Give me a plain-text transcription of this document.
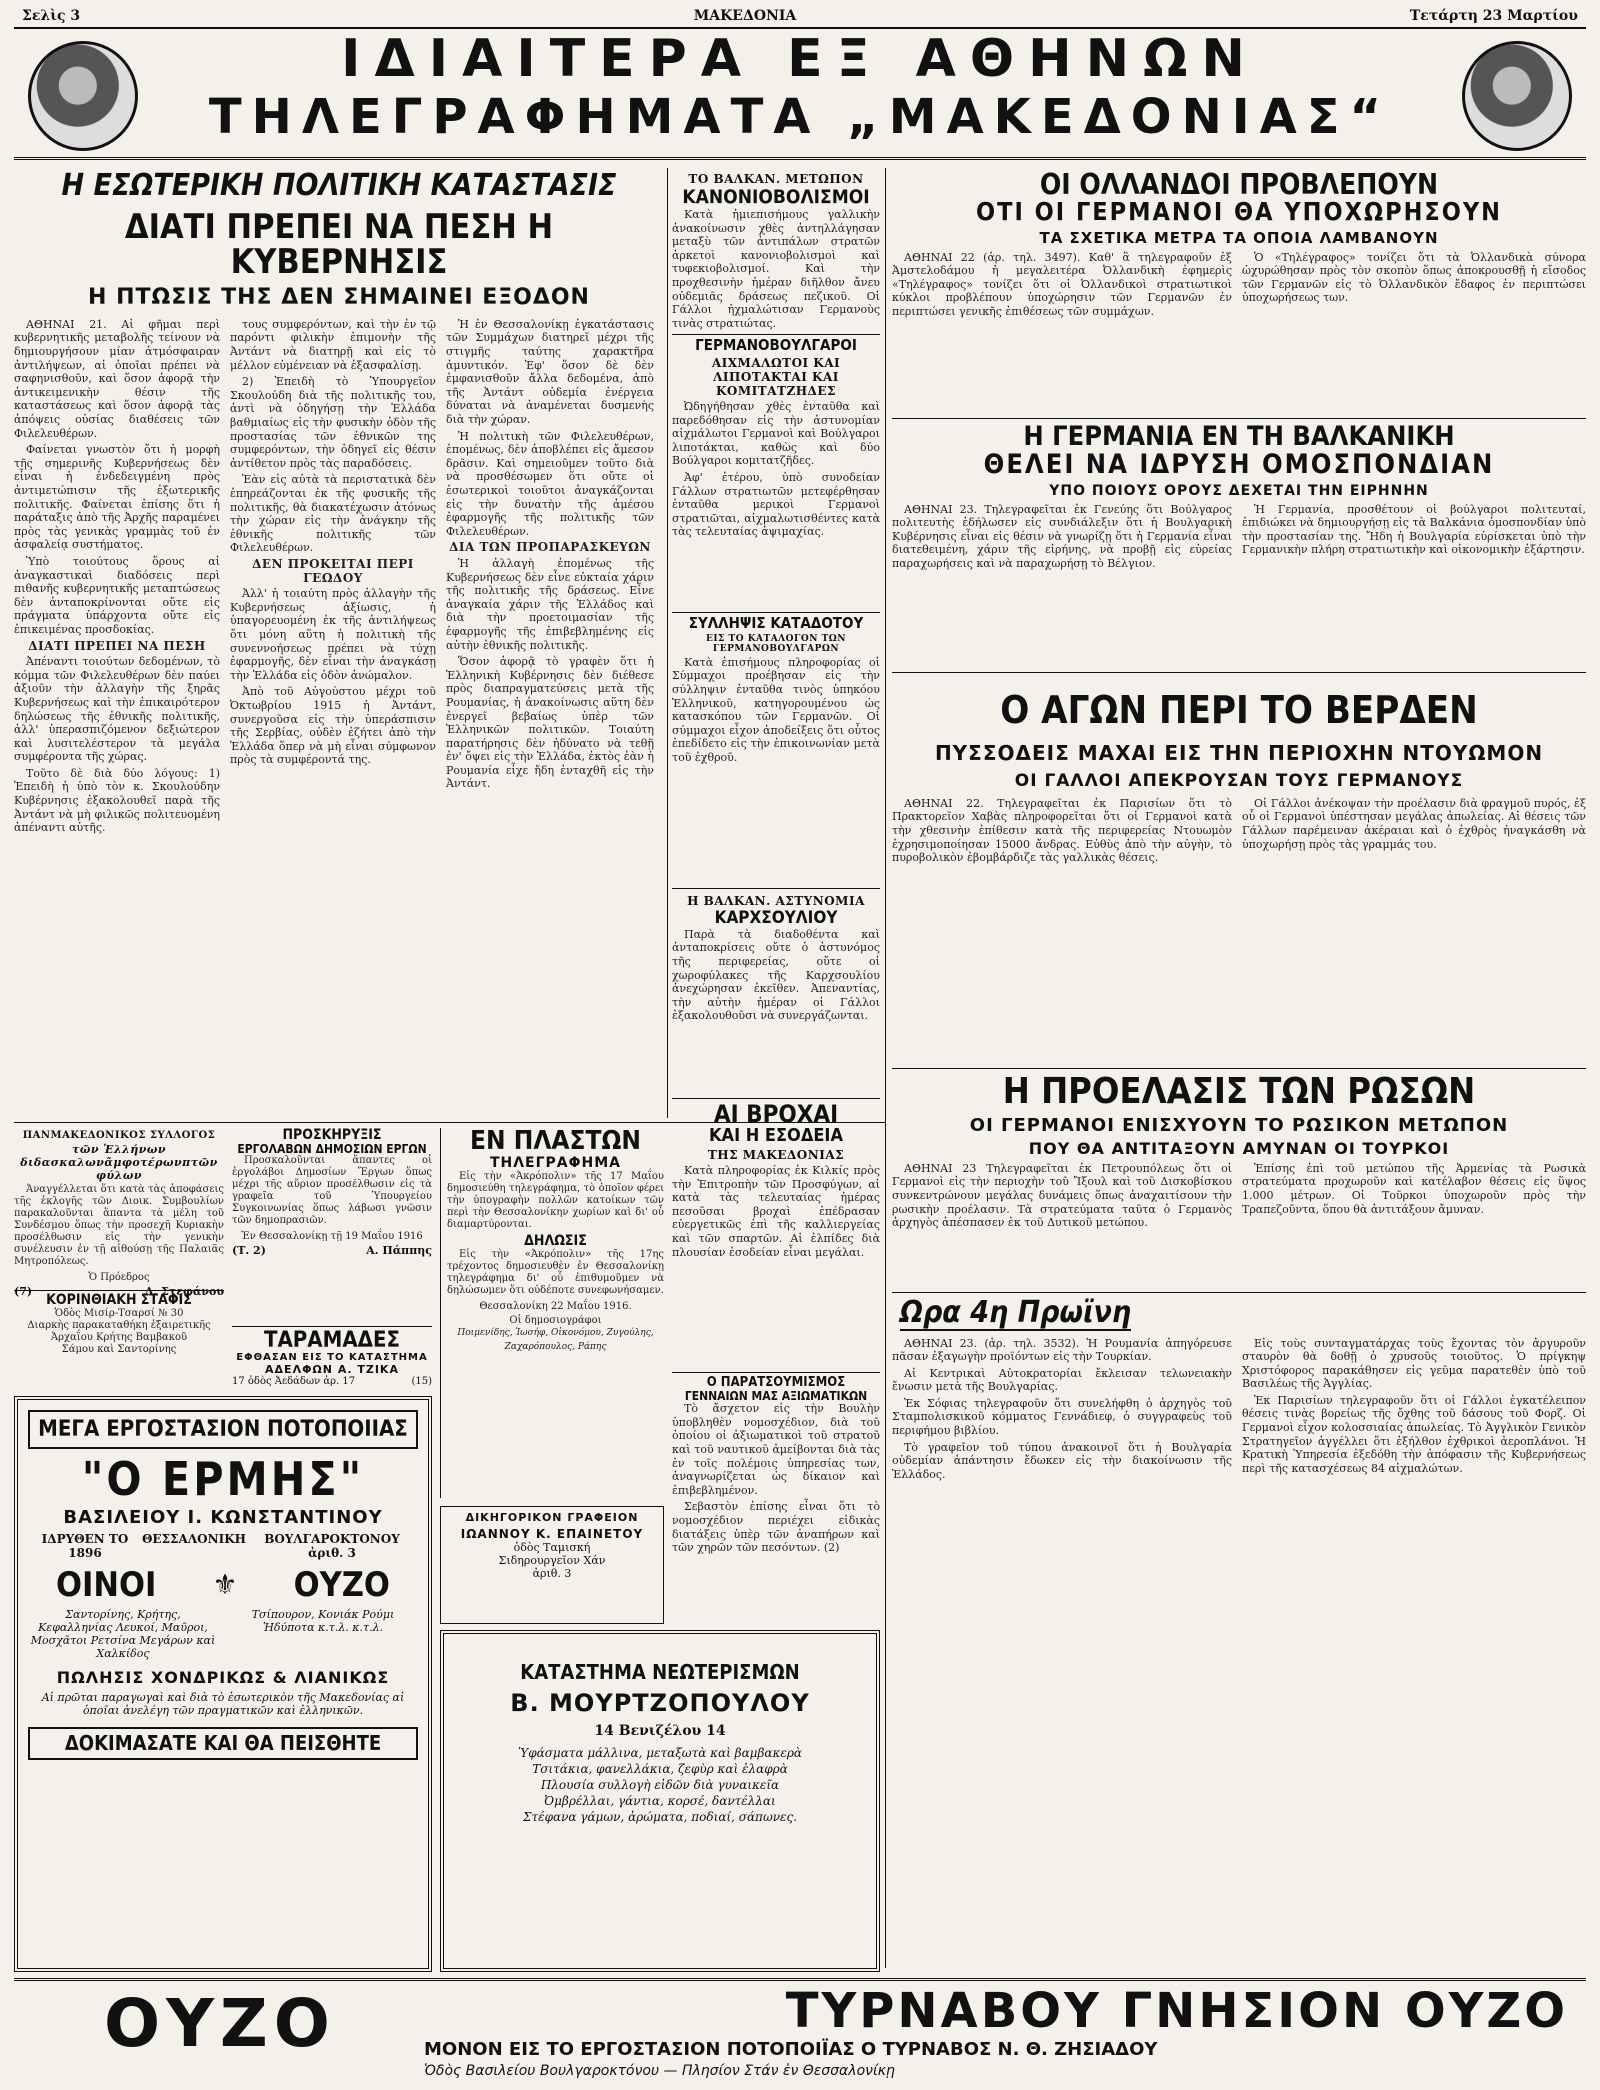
Σελὶς 3	ΜΑΚΕΔΟΝΙΑ	Τετάρτη 23 Μαρτίου
ΙΔΙΑΙΤΕΡΑ ΕΞ ΑΘΗΝΩΝ
ΤΗΛΕΓΡΑΦΗΜΑΤΑ „ΜΑΚΕΔΟΝΙΑΣ“
Η ΕΣΩΤΕΡΙΚΗ ΠΟΛΙΤΙΚΗ ΚΑΤΑΣΤΑΣΙΣ
ΔΙΑΤΙ ΠΡΕΠΕΙ ΝΑ ΠΕΣΗ Η ΚΥΒΕΡΝΗΣΙΣ
Η ΠΤΩΣΙΣ ΤΗΣ ΔΕΝ ΣΗΜΑΙΝΕΙ ΕΞΟΔΟΝ

ΑΘΗΝΑΙ 21. Αἱ φῆμαι περὶ κυβερνητικῆς μεταβολῆς τείνουν νὰ δημιουργήσουν μίαν ἀτμόσφαιραν ἀντιλήψεων, αἱ ὁποῖαι πρέπει νὰ σαφηνισθοῦν, καὶ ὅσον ἀφορᾷ τὴν ἀντικειμενικὴν θέσιν τῆς καταστάσεως καὶ ὅσον ἀφορᾷ τὰς ἀπόψεις οὐσίας διαθέσεις τῶν Φιλελευθέρων.

Φαίνεται γνωστὸν ὅτι ἡ μορφὴ τῆς σημερινῆς Κυβερνήσεως δὲν εἶναι ἡ ἐνδεδειγμένη πρὸς ἀντιμετώπισιν τῆς ἐξωτερικῆς πολιτικῆς. Φαίνεται ἐπίσης ὅτι ἡ παράταξις ἀπὸ τῆς Ἀρχῆς παραμένει πρὸς τὰς γενικὰς γραμμὰς τοῦ ἐν ἀσφαλείᾳ συστήματος.

Ὑπὸ τοιούτους ὅρους αἱ ἀναγκαστικαὶ διαδόσεις περὶ πιθανῆς κυβερνητικῆς μεταπτώσεως δὲν ἀνταποκρίνονται οὔτε εἰς πράγματα ὑπάρχοντα οὔτε εἰς ἐπικειμένας προσδοκίας.

ΔΙΑΤΙ ΠΡΕΠΕΙ ΝΑ ΠΕΣΗ

Ἀπέναντι τοιούτων δεδομένων, τὸ κόμμα τῶν Φιλελευθέρων δὲν παύει ἀξιοῦν τὴν ἀλλαγὴν τῆς ξηρᾶς Κυβερνήσεως καὶ τὴν ἐπικαιρότερον δηλώσεως τῆς ἐθνικῆς πολιτικῆς, ἀλλ' ὑπερασπιζόμενον δεξιώτερον καὶ λυσιτελέστερον τὰ μεγάλα συμφέροντα τῆς χώρας.

Τοῦτο δὲ διὰ δύο λόγους: 1) Ἐπειδὴ ἡ ὑπὸ τὸν κ. Σκουλούδην Κυβέρνησις ἐξακολουθεῖ παρὰ τῆς Ἀντάντ νὰ μὴ φιλικῶς πολιτευομένη ἀπέναντι αὐτῆς.

τους συμφερόντων, καὶ τὴν ἐν τῷ παρόντι φιλικὴν ἐπιμονὴν τῆς Ἀντάντ νὰ διατηρῇ καὶ εἰς τὸ μέλλον εὐμένειαν νὰ ἐξασφαλίσῃ.

2) Ἐπειδὴ τὸ Ὑπουργεῖον Σκουλούδη διὰ τῆς πολιτικῆς του, ἀντὶ νὰ ὁδηγήσῃ τὴν Ἑλλάδα βαθμιαίως εἰς τὴν φυσικὴν ὁδὸν τῆς προστασίας τῶν ἐθνικῶν της συμφερόντων, τὴν ὁδηγεῖ εἰς θέσιν ἀντίθετον πρὸς τὰς παραδόσεις.

Ἐὰν εἰς αὐτὰ τὰ περιστατικὰ δὲν ἐπηρεάζονται ἐκ τῆς φυσικῆς τῆς πολιτικῆς, θὰ διακατέχωσιν ἀτόνως τὴν χώραν εἰς τὴν ἀνάγκην τῆς ἐθνικῆς πολιτικῆς τῶν Φιλελευθέρων.

ΔΕΝ ΠΡΟΚΕΙΤΑΙ ΠΕΡΙ ΓΕΩΔΟΥ

Ἀλλ' ἡ τοιαύτη πρὸς ἀλλαγὴν τῆς Κυβερνήσεως ἀξίωσις, ἡ ὑπαγορευομένη ἐκ τῆς ἀντιλήψεως ὅτι μόνη αὕτη ἡ πολιτικὴ τῆς συνεννοήσεως πρέπει νὰ τύχῃ ἐφαρμογῆς, δὲν εἶναι τὴν ἀναγκάσῃ τὴν Ἑλλάδα εἰς ὁδὸν ἀνώμαλον.

Ἀπὸ τοῦ Αὐγούστου μέχρι τοῦ Ὀκτωβρίου 1915 ἡ Ἀντάντ, συνεργοῦσα εἰς τὴν ὑπεράσπισιν τῆς Σερβίας, οὐδὲν ἐζήτει ἀπὸ τὴν Ἑλλάδα ὅπερ νὰ μὴ εἶναι σύμφωνον πρὸς τὰ συμφέροντά της.

Ἡ ἐν Θεσσαλονίκῃ ἐγκατάστασις τῶν Συμμάχων διατηρεῖ μέχρι τῆς στιγμῆς ταύτης χαρακτῆρα ἀμυντικόν. Ἐφ' ὅσον δὲ δὲν ἐμφανισθοῦν ἄλλα δεδομένα, ἀπὸ τῆς Ἀντάντ οὐδεμία ἐνέργεια δύναται νὰ ἀναμένεται δυσμενὴς διὰ τὴν χώραν.

Ἡ πολιτικὴ τῶν Φιλελευθέρων, ἐπομένως, δὲν ἀποβλέπει εἰς ἄμεσον δρᾶσιν. Καὶ σημειοῦμεν τοῦτο διὰ νὰ προσθέσωμεν ὅτι οὔτε οἱ ἐσωτερικοὶ τοιοῦτοι ἀναγκάζονται εἰς τὴν δυνατὴν τῆς ἀμέσου ἐφαρμογῆς τῆς πολιτικῆς τῶν Φιλελευθέρων.

ΔΙΑ ΤΩΝ ΠΡΟΠΑΡΑΣΚΕΥΩΝ

Ἡ ἀλλαγὴ ἑπομένως τῆς Κυβερνήσεως δὲν εἶνε εὐκταία χάριν τῆς πολιτικῆς τῆς δράσεως. Εἶνε ἀναγκαία χάριν τῆς Ἑλλάδος καὶ διὰ τὴν προετοιμασίαν τῆς ἐφαρμογῆς τῆς ἐπιβεβλημένης εἰς αὐτὴν ἐθνικῆς πολιτικῆς.

Ὅσον ἀφορᾷ τὸ γραφὲν ὅτι ἡ Ἑλληνικὴ Κυβέρνησις δὲν διέθεσε πρὸς διαπραγματεύσεις μετὰ τῆς Ρουμανίας, ἡ ἀνακοίνωσις αὕτη δὲν ἐνεργεῖ βεβαίως ὑπὲρ τῶν Ἑλληνικῶν πολιτικῶν. Τοιαύτη παρατήρησις δὲν ἠδύνατο νὰ τεθῇ ἐν' ὄψει εἰς τὴν Ἑλλάδα, ἐκτὸς ἐὰν ἡ Ρουμανία εἶχε ἤδη ἐνταχθῆ εἰς τὴν Ἀντάντ.

ΤΟ ΒΑΛΚΑΝ. ΜΕΤΩΠΟΝ
ΚΑΝΟΝΙΟΒΟΛΙΣΜΟΙ

Κατὰ ἡμιεπισήμους γαλλικὴν ἀνακοίνωσιν χθὲς ἀντηλλάγησαν μεταξὺ τῶν ἀντιπάλων στρατῶν ἀρκετοὶ κανονιοβολισμοὶ καὶ τυφεκιοβολισμοί. Καὶ τὴν προχθεσινὴν ἡμέραν διῆλθον ἄνευ οὐδεμιᾶς δράσεως πεζικοῦ. Οἱ Γάλλοι ἠχμαλώτισαν Γερμανοὺς τινὰς στρατιώτας.

ΓΕΡΜΑΝΟΒΟΥΛΓΑΡΟΙ
ΑΙΧΜΑΛΩΤΟΙ ΚΑΙ ΛΙΠΟΤΑΚΤΑΙ ΚΑΙ ΚΟΜΙΤΑΤΖΗΔΕΣ

Ὠδηγήθησαν χθὲς ἐνταῦθα καὶ παρεδόθησαν εἰς τὴν ἀστυνομίαν αἰχμάλωτοι Γερμανοὶ καὶ Βούλγαροι λιποτάκται, καθὼς καὶ δύο Βούλγαροι κομιτατζῆδες.

Ἀφ' ἑτέρου, ὑπὸ συνοδείαν Γάλλων στρατιωτῶν μετεφέρθησαν ἐνταῦθα μερικοὶ Γερμανοὶ στρατιῶται, αἰχμαλωτισθέντες κατὰ τὰς τελευταίας ἀψιμαχίας.

ΣΥΛΛΗΨΙΣ ΚΑΤΑΔΟΤΟΥ
ΕΙΣ ΤΟ ΚΑΤΑΛΟΓΟΝ ΤΩΝ ΓΕΡΜΑΝΟΒΟΥΛΓΑΡΩΝ

Κατὰ ἐπισήμους πληροφορίας οἱ Σύμμαχοι προέβησαν εἰς τὴν σύλληψιν ἐνταῦθα τινὸς ὑπηκόου Ἑλληνικοῦ, κατηγορουμένου ὡς κατασκόπου τῶν Γερμανῶν. Οἱ σύμμαχοι εἶχον ἀποδείξεις ὅτι οὗτος ἐπεδίδετο εἰς τὴν ἐπικοινωνίαν μετὰ τοῦ ἐχθροῦ.

Η ΒΑΛΚΑΝ. ΑΣΤΥΝΟΜΙΑ
ΚΑΡΧΣΟΥΛΙΟΥ

Παρὰ τὰ διαδοθέντα καὶ ἀνταποκρίσεις οὔτε ὁ ἀστυνόμος τῆς περιφερείας, οὔτε οἱ χωροφύλακες τῆς Καρχσουλίου ἀνεχώρησαν ἐκεῖθεν. Ἀπεναντίας, τὴν αὐτὴν ἡμέραν οἱ Γάλλοι ἐξακολουθοῦσι νὰ συνεργάζωνται.

ΑΙ ΒΡΟΧΑΙ
ΚΑΙ Η ΕΣΟΔΕΙΑ
ΤΗΣ ΜΑΚΕΔΟΝΙΑΣ

Κατὰ πληροφορίας ἐκ Κιλκίς πρὸς τὴν Ἐπιτροπὴν τῶν Προσφύγων, αἱ κατὰ τὰς τελευταίας ἡμέρας πεσοῦσαι βροχαὶ ἐπέδρασαν εὐεργετικῶς ἐπὶ τῆς καλλιεργείας καὶ τῶν σπαρτῶν. Αἱ ἐλπίδες διὰ πλουσίαν ἐσοδείαν εἶναι μεγάλαι.

Ο ΠΑΡΑΤΣΟΥΜΙΣΜΟΣ
ΓΕΝΝΑΙΩΝ ΜΑΣ ΑΞΙΩΜΑΤΙΚΩΝ

Τὸ ἄσχετον εἰς τὴν Βουλὴν ὑποβληθὲν νομοσχέδιον, διὰ τοῦ ὁποίου οἱ ἀξιωματικοὶ τοῦ στρατοῦ καὶ τοῦ ναυτικοῦ ἀμείβονται διὰ τὰς ἐν τοῖς πολέμοις ὑπηρεσίας των, ἀναγνωρίζεται ὡς δίκαιον καὶ ἐπιβεβλημένον.

Σεβαστὸν ἐπίσης εἶναι ὅτι τὸ νομοσχέδιον περιέχει εἰδικὰς διατάξεις ὑπὲρ τῶν ἀναπήρων καὶ τῶν χηρῶν τῶν πεσόντων. (2)

ΟΙ ΟΛΛΑΝΔΟΙ ΠΡΟΒΛΕΠΟΥΝ
ΟΤΙ ΟΙ ΓΕΡΜΑΝΟΙ ΘΑ ΥΠΟΧΩΡΗΣΟΥΝ
ΤΑ ΣΧΕΤΙΚΑ ΜΕΤΡΑ ΤΑ ΟΠΟΙΑ ΛΑΜΒΑΝΟΥΝ

ΑΘΗΝΑΙ 22 (ἀρ. τηλ. 3497). Καθ' ἃ τηλεγραφοῦν ἐξ Ἀμστελοδάμου ἡ μεγαλειτέρα Ὀλλανδικὴ ἐφημερὶς «Τηλέγραφος» τονίζει ὅτι οἱ Ὀλλανδικοὶ στρατιωτικοὶ κύκλοι προβλέπουν ὑποχώρησιν τῶν Γερμανῶν ἐν περιπτώσει γενικῆς ἐπιθέσεως τῶν συμμάχων.

Ὁ «Τηλέγραφος» τονίζει ὅτι τὰ Ὀλλανδικὰ σύνορα ὠχυρώθησαν πρὸς τὸν σκοπὸν ὅπως ἀποκρουσθῇ ἡ εἴσοδος τῶν Γερμανῶν εἰς τὸ Ὀλλανδικὸν ἔδαφος ἐν περιπτώσει ὑποχωρήσεως των.

Η ΓΕΡΜΑΝΙΑ ΕΝ ΤΗ ΒΑΛΚΑΝΙΚΗ
ΘΕΛΕΙ ΝΑ ΙΔΡΥΣΗ ΟΜΟΣΠΟΝΔΙΑΝ
ΥΠΟ ΠΟΙΟΥΣ ΟΡΟΥΣ ΔΕΧΕΤΑΙ ΤΗΝ ΕΙΡΗΝΗΝ

ΑΘΗΝΑΙ 23. Τηλεγραφεῖται ἐκ Γενεύης ὅτι Βούλγαρος πολιτευτὴς ἐδήλωσεν εἰς συνδιάλεξιν ὅτι ἡ Βουλγαρικὴ Κυβέρνησις εἶναι εἰς θέσιν νὰ γνωρίζῃ ὅτι ἡ Γερμανία εἶναι διατεθειμένη, χάριν τῆς εἰρήνης, νὰ προβῇ εἰς εὐρείας παραχωρήσεις καὶ νὰ παραχωρήσῃ τὸ Βέλγιον.

Ἡ Γερμανία, προσθέτουν οἱ βούλγαροι πολιτευταί, ἐπιδιώκει νὰ δημιουργήσῃ εἰς τὰ Βαλκάνια ὁμοσπονδίαν ὑπὸ τὴν προστασίαν της. Ἤδη ἡ Βουλγαρία εὑρίσκεται ὑπὸ τὴν Γερμανικὴν πλήρη στρατιωτικὴν καὶ οἰκονομικὴν ἐξάρτησιν.

Ο ΑΓΩΝ ΠΕΡΙ ΤΟ ΒΕΡΔΕΝ
ΠΥΣΣΟΔΕΙΣ ΜΑΧΑΙ ΕΙΣ ΤΗΝ ΠΕΡΙΟΧΗΝ ΝΤΟΥΩΜΟΝ
ΟΙ ΓΑΛΛΟΙ ΑΠΕΚΡΟΥΣΑΝ ΤΟΥΣ ΓΕΡΜΑΝΟΥΣ

ΑΘΗΝΑΙ 22. Τηλεγραφεῖται ἐκ Παρισίων ὅτι τὸ Πρακτορεῖον Χαβὰς πληροφορεῖται ὅτι οἱ Γερμανοὶ κατὰ τὴν χθεσινὴν ἐπίθεσιν κατὰ τῆς περιφερείας Ντουωμὸν ἐχρησιμοποίησαν 15000 ἄνδρας. Εὐθὺς ἀπὸ τὴν αὐγὴν, τὸ πυροβολικὸν ἐβομβάρδιζε τὰς γαλλικὰς θέσεις.

Οἱ Γάλλοι ἀνέκοψαν τὴν προέλασιν διὰ φραγμοῦ πυρός, ἐξ οὗ οἱ Γερμανοὶ ὑπέστησαν μεγάλας ἀπωλείας. Αἱ θέσεις τῶν Γάλλων παρέμειναν ἀκέραιαι καὶ ὁ ἐχθρὸς ἠναγκάσθη νὰ ὑποχωρήσῃ πρὸς τὰς γραμμάς του.

Η ΠΡΟΕΛΑΣΙΣ ΤΩΝ ΡΩΣΩΝ
ΟΙ ΓΕΡΜΑΝΟΙ ΕΝΙΣΧΥΟΥΝ ΤΟ ΡΩΣΙΚΟΝ ΜΕΤΩΠΟΝ
ΠΟΥ ΘΑ ΑΝΤΙΤΑΞΟΥΝ ΑΜΥΝΑΝ ΟΙ ΤΟΥΡΚΟΙ

ΑΘΗΝΑΙ 23 Τηλεγραφεῖται ἐκ Πετρουπόλεως ὅτι οἱ Γερμανοὶ εἰς τὴν περιοχὴν τοῦ Ἴξουλ καὶ τοῦ Δισκοβίσκου συνκεντρώνουν μεγάλας δυνάμεις ὅπως ἀναχαιτίσουν τὴν ρωσικὴν προέλασιν. Τὰ στρατεύματα ταῦτα ὁ Γερμανὸς ἀρχηγὸς ἀπέσπασεν ἐκ τοῦ Δυτικοῦ μετώπου.

Ἐπίσης ἐπὶ τοῦ μετώπου τῆς Ἀρμενίας τὰ Ρωσικὰ στρατεύματα προχωροῦν καὶ κατέλαβον θέσεις εἰς ὕψος 1.000 μέτρων. Οἱ Τοῦρκοι ὑποχωροῦν πρὸς τὴν Τραπεζοῦντα, ὅπου θὰ ἀντιτάξουν ἄμυναν.

Ωρα 4η Πρωϊνη

ΑΘΗΝΑΙ 23. (ἀρ. τηλ. 3532). Ἡ Ρουμανία ἀπηγόρευσε πᾶσαν ἐξαγωγὴν προϊόντων εἰς τὴν Τουρκίαν.

Αἱ Κεντρικαὶ Αὐτοκρατορίαι ἔκλεισαν τελωνειακὴν ἔνωσιν μετὰ τῆς Βουλγαρίας.

Ἐκ Σόφιας τηλεγραφοῦν ὅτι συνελήφθη ὁ ἀρχηγὸς τοῦ Σταμπολισκικοῦ κόμματος Γεννάδιεφ, ὁ συγγραφεὺς τοῦ περιφήμου βιβλίου.

Τὸ γραφεῖον τοῦ τύπου ἀνακοινοῖ ὅτι ἡ Βουλγαρία οὐδεμίαν ἀπάντησιν ἔδωκεν εἰς τὴν διακοίνωσιν τῆς Ἑλλάδος.

Εἰς τοὺς συνταγματάρχας τοὺς ἔχοντας τὸν ἀργυροῦν σταυρὸν θὰ δοθῇ ὁ χρυσοῦς τοιοῦτος. Ὁ πρίγκηψ Χριστόφορος παρακάθησεν εἰς γεῦμα παρατεθὲν ὑπὸ τοῦ Βασιλέως τῆς Ἀγγλίας.

Ἐκ Παρισίων τηλεγραφοῦν ὅτι οἱ Γάλλοι ἐγκατέλειπον θέσεις τινὰς βορείως τῆς ὄχθης τοῦ δάσους τοῦ Φορζ. Οἱ Γερμανοὶ εἶχον κολοσσιαίας ἀπωλείας. Τὸ Ἀγγλικὸν Γενικὸν Στρατηγεῖον ἀγγέλλει ὅτι ἐξήλθον ἐχθρικοὶ ἀεροπλάνοι. Ἡ Κρατικὴ Ὑπηρεσία ἐξεδόθη τὴν ἀπόφασιν τῆς Κυβερνήσεως περὶ τῆς κατασχέσεως 84 αἰχμαλώτων.

ΠΑΝΜΑΚΕΔΟΝΙΚΟΣ ΣΥΛΛΟΓΟΣ
τῶν Ἑλλήνων διδασκαλωνᾶμφοτέρωνπτῶν φύλων

Ἀναγγέλλεται ὅτι κατὰ τὰς ἀποφάσεις τῆς ἐκλογῆς τῶν Διοικ. Συμβουλίων παρακαλοῦνται ἅπαντα τὰ μέλη τοῦ Συνδέσμου ὅπως τὴν προσεχῆ Κυριακὴν προσέλθωσιν εἰς τὴν γενικὴν συνέλευσιν ἐν τῇ αἰθούσῃ τῆς Παλαιᾶς Μητροπόλεως.

Ὁ Πρόεδρος
(7)	Δ. Στεφάνου
ΚΟΡΙΝΘΙΑΚΗ ΣΤΑΦΙΣ
Ὁδὸς Μισίρ-Τσαρσί № 30
Διαρκὴς παρακαταθήκη ἐξαιρετικῆς
Ἀρχαΐου Κρήτης Βαμβακοῦ
Σάμου καὶ Σαντορίνης
ΠΡΟΣΚΗΡΥΞΙΣ
ΕΡΓΟΛΑΒΩΝ ΔΗΜΟΣΙΩΝ ΕΡΓΩΝ

Προσκαλοῦνται ἅπαντες οἱ ἐργολάβοι Δημοσίων Ἔργων ὅπως μέχρι τῆς αὔριον προσέλθωσιν εἰς τὰ γραφεῖα τοῦ Ὑπουργείου Συγκοινωνίας ὅπως λάβωσι γνῶσιν τῶν δημοπρασιῶν.

Ἐν Θεσσαλονίκῃ τῇ 19 Μαΐου 1916
(Τ. 2)	Α. Πάππης
ΤΑΡΑΜΑΔΕΣ
ΕΦΘΑΣΑΝ ΕΙΣ ΤΟ ΚΑΤΑΣΤΗΜΑ
ΑΔΕΛΦΩΝ Α. ΤΖΙΚΑ
17 ὁδὸς Ἀεδάδων ἀρ. 17	(15)
ΕΝ ΠΛΑΣΤΩΝ
ΤΗΛΕΓΡΑΦΗΜΑ

Εἰς τὴν «Ἀκρόπολιν» τῆς 17 Μαΐου δημοσιεύθη τηλεγράφημα, τὸ ὁποῖον φέρει τὴν ὑπογραφὴν πολλῶν κατοίκων τῶν περὶ τὴν Θεσσαλονίκην χωρίων καὶ δι' οὗ διαμαρτύρονται.

ΔΗΛΩΣΙΣ

Εἰς τὴν «Ἀκρόπολιν» τῆς 17ης τρέχοντος δημοσιευθὲν ἐν Θεσσαλονίκῃ τηλεγράφημα δι' οὗ ἐπιθυμοῦμεν νὰ δηλώσωμεν ὅτι οὐδέποτε συνεφωνήσαμεν.

Θεσσαλονίκη 22 Μαΐου 1916.
Οἱ δημοσιογράφοι
Ποιμενίδης, Ἰωσήφ, Οἰκονόμου, Ζυγούλης, Ζαχαρόπουλος, Ράπης
ΔΙΚΗΓΟΡΙΚΟΝ ΓΡΑΦΕΙΟΝ
ΙΩΑΝΝΟΥ Κ. ΕΠΑΙΝΕΤΟΥ
ὁδὸς Ταμισκή
Σιδηρουργεῖον Χάν
ἀριθ. 3
ΜΕΓΑ ΕΡΓΟΣΤΑΣΙΟΝ ΠΟΤΟΠΟΙΙΑΣ
"Ο ΕΡΜΗΣ"
ΒΑΣΙΛΕΙΟΥ Ι. ΚΩΝΣΤΑΝΤΙΝΟΥ
ΙΔΡΥΘΕΝ ΤΟ 1896
ΘΕΣΣΑΛΟΝΙΚΗ	ΒΟΥΛΓΑΡΟΚΤΟΝΟΥ ἀριθ. 3
ΟΙΝΟΙ ⚜ ΟΥΖΟ
Σαντορίνης, Κρήτης, Κεφαλληνίας Λευκοί, Μαῦροι, Μοσχᾶτοι Ρετσίνα Μεγάρων καὶ Χαλκίδος
Τσίπουρον, Κονιάκ Ρούμι Ἡδύποτα κ.τ.λ. κ.τ.λ.
ΠΩΛΗΣΙΣ ΧΟΝΔΡΙΚΩΣ & ΛΙΑΝΙΚΩΣ
Αἱ πρῶται παραγωγαὶ καὶ διὰ τὸ ἐσωτερικὸν τῆς Μακεδονίας αἱ ὁποῖαι ἀνελέγη τῶν πραγματικῶν καὶ ἐλληνικῶν.
ΔΟΚΙΜΑΣΑΤΕ ΚΑΙ ΘΑ ΠΕΙΣΘΗΤΕ
ΚΑΤΑΣΤΗΜΑ ΝΕΩΤΕΡΙΣΜΩΝ
Β. ΜΟΥΡΤΖΟΠΟΥΛΟΥ
14 Βενιζέλου 14
Ὑφάσματα μάλλινα, μεταξωτὰ καὶ βαμβακερὰ
Τσιτάκια, φανελλάκια, ζεφὺρ καὶ ἐλαφρὰ
Πλουσία συλλογὴ εἰδῶν διὰ γυναικεῖα
Ὀμβρέλλαι, γάντια, κορσέ, δαντέλλαι
Στέφανα γάμων, ἀρώματα, ποδιαί, σάπωνες.
ΟΥΖΟ	ΤΥΡΝΑΒΟΥ ΓΝΗΣΙΟΝ ΟΥΖΟ
ΜΟΝΟΝ ΕΙΣ ΤΟ ΕΡΓΟΣΤΑΣΙΟΝ ΠΟΤΟΠΟΙΪΑΣ Ο ΤΥΡΝΑΒΟΣ Ν. Θ. ΖΗΣΙΑΔΟΥ
Ὁδὸς Βασιλείου Βουλγαροκτόνου — Πλησίον Στάν ἐν Θεσσαλονίκῃ
